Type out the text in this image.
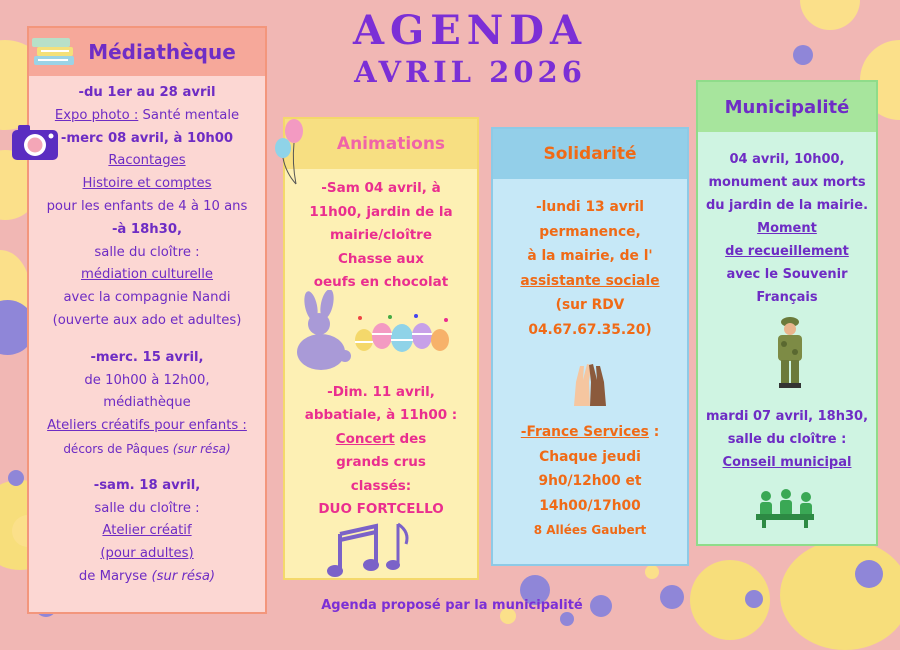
AGENDA
AVRIL 2026
Médiathèque

-du 1er au 28 avril

Expo photo : Santé mentale

-merc 08 avril, à 10h00

Racontages

Histoire et comptes

pour les enfants de 4 à 10 ans

-à 18h30,

salle du cloître :

médiation culturelle

avec la compagnie Nandi

(ouverte aux ado et adultes)

-merc. 15 avril,

de 10h00 à 12h00,

médiathèque

Ateliers créatifs pour enfants :

décors de Pâques (sur résa)

-sam. 18 avril,

salle du cloître :

Atelier créatif

(pour adultes)

de Maryse (sur résa)

Animations

-Sam 04 avril, à

11h00, jardin de la

mairie/cloître

Chasse aux

oeufs en chocolat

-Dim. 11 avril,

abbatiale, à 11h00 :

Concert des

grands crus

classés:

DUO FORTCELLO

Solidarité

-lundi 13 avril

permanence,

à la mairie, de l'

assistante sociale

(sur RDV

04.67.67.35.20)

-France Services :

Chaque jeudi

9h0/12h00 et

14h00/17h00

8 Allées Gaubert

Municipalité

04 avril, 10h00,

monument aux morts

du jardin de la mairie.

Moment

de recueillement

avec le Souvenir

Français

mardi 07 avril, 18h30,

salle du cloître :

Conseil municipal

Agenda proposé par la municipalité
